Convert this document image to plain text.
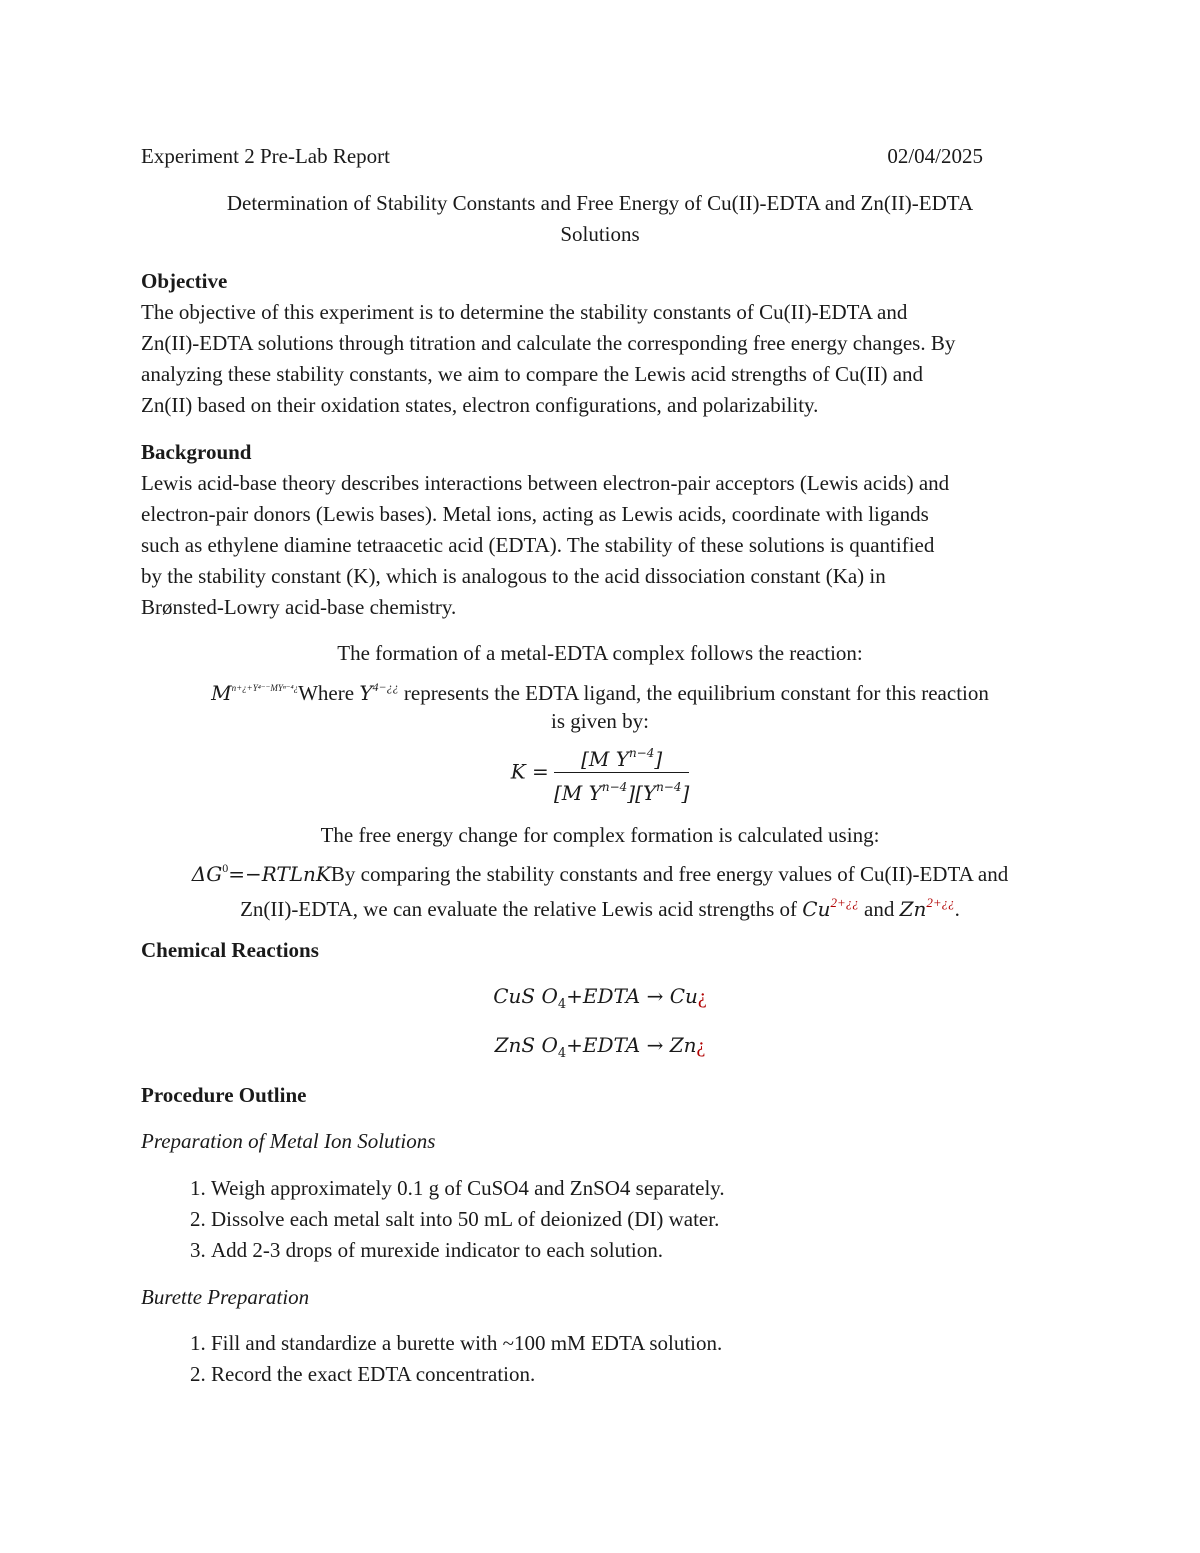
Experiment 2 Pre-Lab Report	02/04/2025
Determination of Stability Constants and Free Energy of Cu(II)-EDTA and Zn(II)-EDTA
Solutions
Objective
The objective of this experiment is to determine the stability constants of Cu(II)-EDTA and
Zn(II)-EDTA solutions through titration and calculate the corresponding free energy changes. By
analyzing these stability constants, we aim to compare the Lewis acid strengths of Cu(II) and
Zn(II) based on their oxidation states, electron configurations, and polarizability.
Background
Lewis acid-base theory describes interactions between electron-pair acceptors (Lewis acids) and
electron-pair donors (Lewis bases). Metal ions, acting as Lewis acids, coordinate with ligands
such as ethylene diamine tetraacetic acid (EDTA). The stability of these solutions is quantified
by the stability constant (K), which is analogous to the acid dissociation constant (Ka) in
Brønsted-Lowry acid-base chemistry.
The formation of a metal-EDTA complex follows the reaction:
$M^{n+¿+Y^{4--}MY^{n-4}¿}Where$ $Y^{4-¿¿}$ represents the EDTA ligand, the equilibrium constant for this reaction
is given by:
$K = \frac{[M Y^{n-4}]}{[M Y^{n-4}][Y^{n-4}]}$
The free energy change for complex formation is calculated using:
$\Delta G^0=-RTLnKBy$ comparing the stability constants and free energy values of Cu(II)-EDTA and
Zn(II)-EDTA, we can evaluate the relative Lewis acid strengths of $Cu^{2+¿¿}$ and $Zn^{2+¿¿}$.
Chemical Reactions
CuS $O_4+EDTA$ → Cu¿
ZnS $O_4+EDTA$ → Zn¿
Procedure Outline
Preparation of Metal Ion Solutions
1. Weigh approximately 0.1 g of CuSO4 and ZnSO4 separately.
2. Dissolve each metal salt into 50 mL of deionized (DI) water.
3. Add 2-3 drops of murexide indicator to each solution.
Burette Preparation
1. Fill and standardize a burette with ~100 mM EDTA solution.
2. Record the exact EDTA concentration.
